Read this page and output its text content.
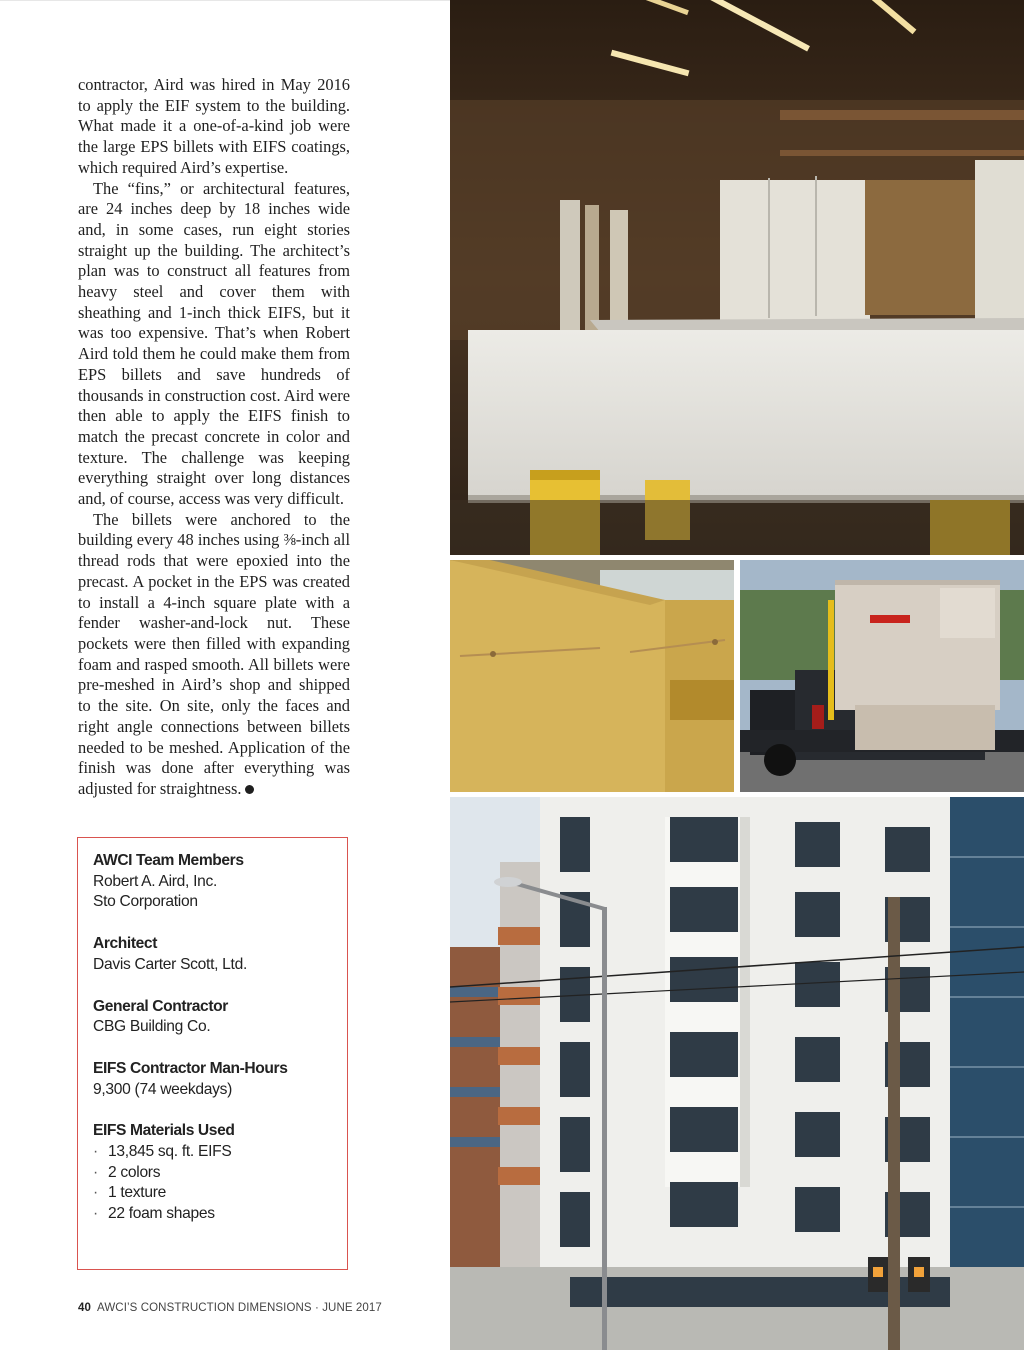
contractor, Aird was hired in May 2016 to apply the EIF system to the building. What made it a one-of-a-kind job were the large EPS billets with EIFS coatings, which required Aird’s expertise.

The “fins,” or architectural features, are 24 inches deep by 18 inches wide and, in some cases, run eight stories straight up the building. The architect’s plan was to construct all features from heavy steel and cover them with sheathing and 1-inch thick EIFS, but it was too expensive. That’s when Robert Aird told them he could make them from EPS billets and save hundreds of thousands in construction cost. Aird were then able to apply the EIFS finish to match the precast concrete in color and texture. The challenge was keeping everything straight over long distances and, of course, access was very difficult.

The billets were anchored to the building every 48 inches using ⅜-inch all thread rods that were epoxied into the precast. A pocket in the EPS was created to install a 4-inch square plate with a fender washer-and-lock nut. These pockets were then filled with expanding foam and rasped smooth. All billets were pre-meshed in Aird’s shop and shipped to the site. On site, only the faces and right angle connections between billets needed to be meshed. Application of the finish was done after everything was adjusted for straightness.

AWCI Team Members
Robert A. Aird, Inc.
Sto Corporation
Architect
Davis Carter Scott, Ltd.
General Contractor
CBG Building Co.
EIFS Contractor Man-Hours
9,300 (74 weekdays)
EIFS Materials Used
· 13,845 sq. ft. EIFS
· 2 colors
· 1 texture
· 22 foam shapes
40 AWCI’S CONSTRUCTION DIMENSIONS · JUNE 2017
